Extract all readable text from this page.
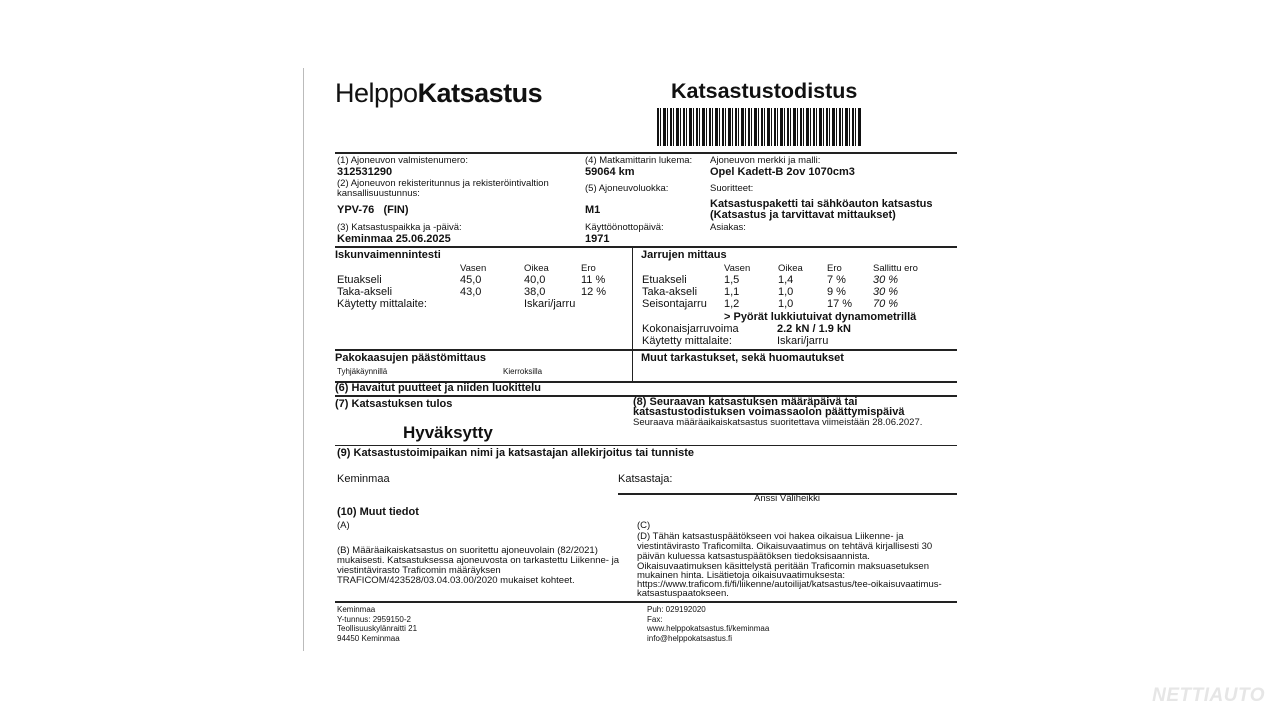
HelppoKatsastus	Katsastustodistus
(1) Ajoneuvon valmistenumero:
312531290
(2) Ajoneuvon rekisteritunnus ja rekisteröintivaltion
kansallisuustunnus:
YPV-76   (FIN)
(3) Katsastuspaikka ja -päivä:
Keminmaa 25.06.2025
(4) Matkamittarin lukema:
59064 km
(5) Ajoneuvoluokka:
M1
Käyttöönottopäivä:
1971
Ajoneuvon merkki ja malli:
Opel Kadett-B 2ov 1070cm3
Suoritteet:
Katsastuspaketti tai sähköauton katsastus
(Katsastus ja tarvittavat mittaukset)
Asiakas:
Iskunvaimennintesti
Vasen	Oikea	Ero
Etuakseli	45,0	40,0	11 %
Taka-akseli	43,0	38,0	12 %
Käytetty mittalaite:	Iskari/jarru
Jarrujen mittaus
Vasen	Oikea	Ero	Sallittu ero
Etuakseli	1,5	1,4	7 % 30 %
Taka-akseli 1,1	1,0	9 % 30 %
Seisontajarru 1,2	1,0	17 % 70 %
> Pyörät lukkiutuivat dynamometrillä
Kokonaisjarruvoima	2.2 kN / 1.9 kN
Käytetty mittalaite:	Iskari/jarru
Pakokaasujen päästömittaus
Tyhjäkäynnillä	Kierroksilla
Muut tarkastukset, sekä huomautukset
(6) Havaitut puutteet ja niiden luokittelu
(7) Katsastuksen tulos
Hyväksytty
(8) Seuraavan katsastuksen määräpäivä tai
katsastustodistuksen voimassaolon päättymispäivä
Seuraava määräaikaiskatsastus suoritettava viimeistään 28.06.2027.
(9) Katsastustoimipaikan nimi ja katsastajan allekirjoitus tai tunniste
Keminmaa	Katsastaja:
Anssi Väliheikki
(10) Muut tiedot
(A)
(B) Määräaikaiskatsastus on suoritettu ajoneuvolain (82/2021)
mukaisesti. Katsastuksessa ajoneuvosta on tarkastettu Liikenne- ja
viestintävirasto Traficomin määräyksen
TRAFICOM/423528/03.04.03.00/2020 mukaiset kohteet.
(C)
(D) Tähän katsastuspäätökseen voi hakea oikaisua Liikenne- ja
viestintävirasto Traficomilta. Oikaisuvaatimus on tehtävä kirjallisesti 30
päivän kuluessa katsastuspäätöksen tiedoksisaannista.
Oikaisuvaatimuksen käsittelystä peritään Traficomin maksuasetuksen
mukainen hinta. Lisätietoja oikaisuvaatimuksesta:
https://www.traficom.fi/fi/liikenne/autoilijat/katsastus/tee-oikaisuvaatimus-
katsastuspaatokseen.
Keminmaa
Y-tunnus: 2959150-2
Teollisuuskylänraitti 21
94450 Keminmaa
Puh: 029192020
Fax:
www.helppokatsastus.fi/keminmaa
info@helppokatsastus.fi
NETTIAUTO
